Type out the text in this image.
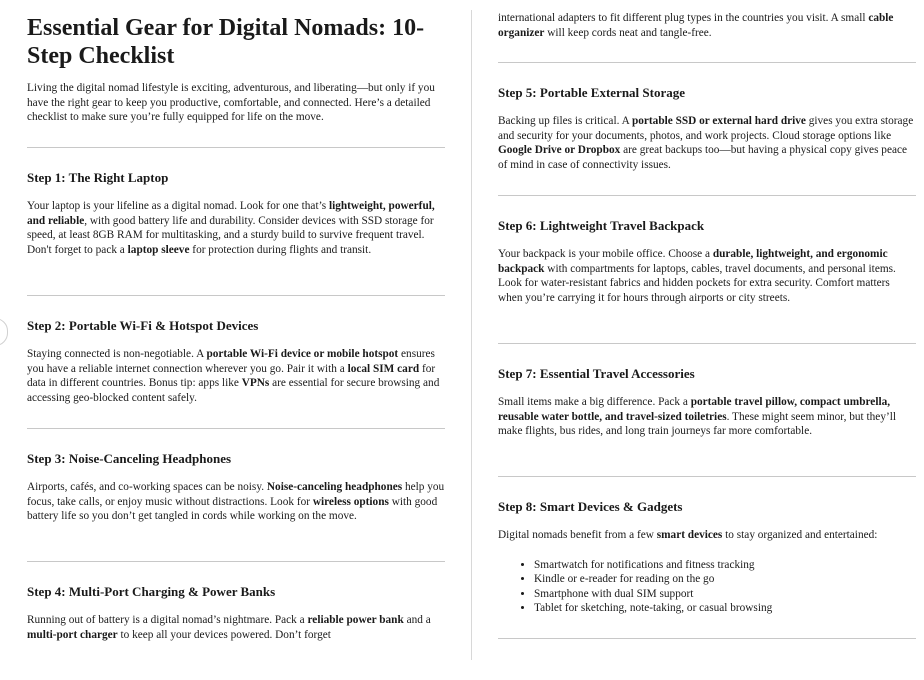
Essential Gear for Digital Nomads: 10-Step Checklist

Living the digital nomad lifestyle is exciting, adventurous, and liberating—but only if you have the right gear to keep you productive, comfortable, and connected. Here’s a detailed checklist to make sure you’re fully equipped for life on the move.

Step 1: The Right Laptop

Your laptop is your lifeline as a digital nomad. Look for one that’s lightweight, powerful, and reliable, with good battery life and durability. Consider devices with SSD storage for speed, at least 8GB RAM for multitasking, and a sturdy build to survive frequent travel. Don't forget to pack a laptop sleeve for protection during flights and transit.

Step 2: Portable Wi-Fi & Hotspot Devices

Staying connected is non-negotiable. A portable Wi-Fi device or mobile hotspot ensures you have a reliable internet connection wherever you go. Pair it with a local SIM card for data in different countries. Bonus tip: apps like VPNs are essential for secure browsing and accessing geo-blocked content safely.

Step 3: Noise-Canceling Headphones

Airports, cafés, and co-working spaces can be noisy. Noise-canceling headphones help you focus, take calls, or enjoy music without distractions. Look for wireless options with good battery life so you don’t get tangled in cords while working on the move.

Step 4: Multi-Port Charging & Power Banks

Running out of battery is a digital nomad’s nightmare. Pack a reliable power bank and a multi-port charger to keep all your devices powered. Don’t forget

international adapters to fit different plug types in the countries you visit. A small cable organizer will keep cords neat and tangle-free.

Step 5: Portable External Storage

Backing up files is critical. A portable SSD or external hard drive gives you extra storage and security for your documents, photos, and work projects. Cloud storage options like Google Drive or Dropbox are great backups too—but having a physical copy gives peace of mind in case of connectivity issues.

Step 6: Lightweight Travel Backpack

Your backpack is your mobile office. Choose a durable, lightweight, and ergonomic backpack with compartments for laptops, cables, travel documents, and personal items. Look for water-resistant fabrics and hidden pockets for extra security. Comfort matters when you’re carrying it for hours through airports or city streets.

Step 7: Essential Travel Accessories

Small items make a big difference. Pack a portable travel pillow, compact umbrella, reusable water bottle, and travel-sized toiletries. These might seem minor, but they’ll make flights, bus rides, and long train journeys far more comfortable.

Step 8: Smart Devices & Gadgets

Digital nomads benefit from a few smart devices to stay organized and entertained:

• Smartwatch for notifications and fitness tracking
• Kindle or e-reader for reading on the go
• Smartphone with dual SIM support
• Tablet for sketching, note-taking, or casual browsing
